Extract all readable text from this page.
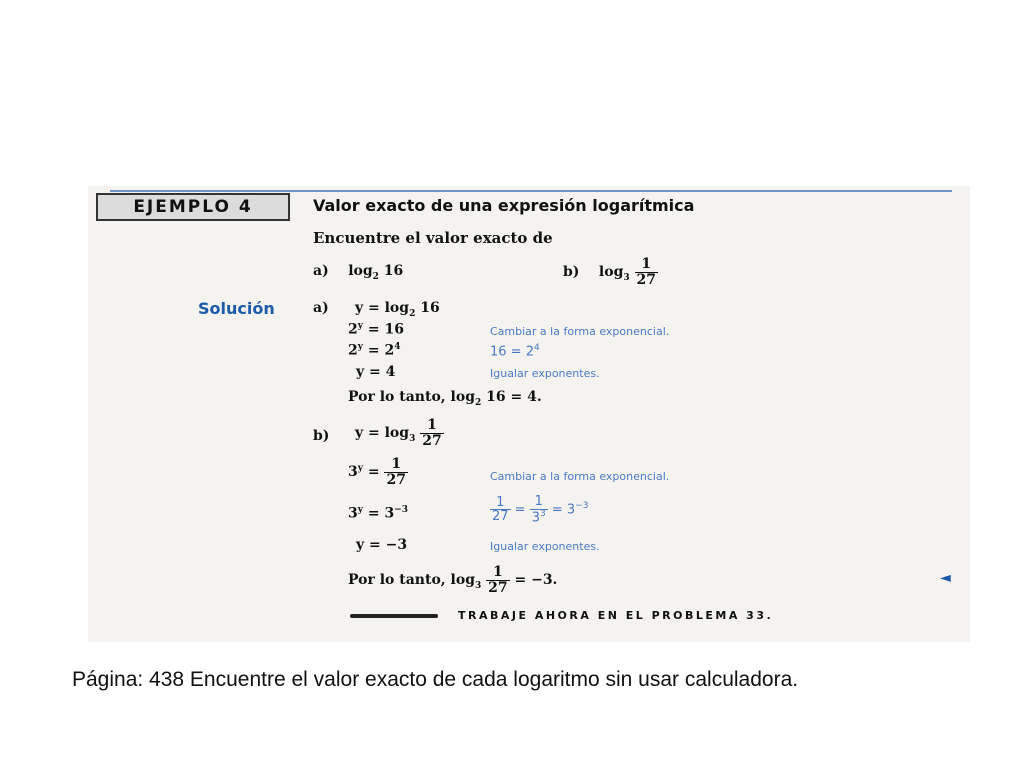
EJEMPLO 4	Valor exacto de una expresión logarítmica
Encuentre el valor exacto de
a) $\log_2 16$	b) $\log_3 \frac{1}{27}$
Solución	a) $y = \log_2 16$
$2^y = 16$	Cambiar a la forma exponencial.
$2^y = 2^4$	$16 = 2^4$
y = 4	Igualar exponentes.
Por lo tanto, $\log_2 16 = 4$.
b) $y = \log_3 \frac{1}{27}$
$3^y = \frac{1}{27}$	Cambiar a la forma exponencial.
$3^y = 3^{-3}$	$\frac{1}{27} = \frac{1}{3^3} = 3^{-3}$
y = −3	Igualar exponentes.
Por lo tanto, $\log_3 \frac{1}{27} = -3$.	◄
TRABAJE AHORA EN EL PROBLEMA 33.
Página: 438 Encuentre el valor exacto de cada logaritmo sin usar calculadora.
